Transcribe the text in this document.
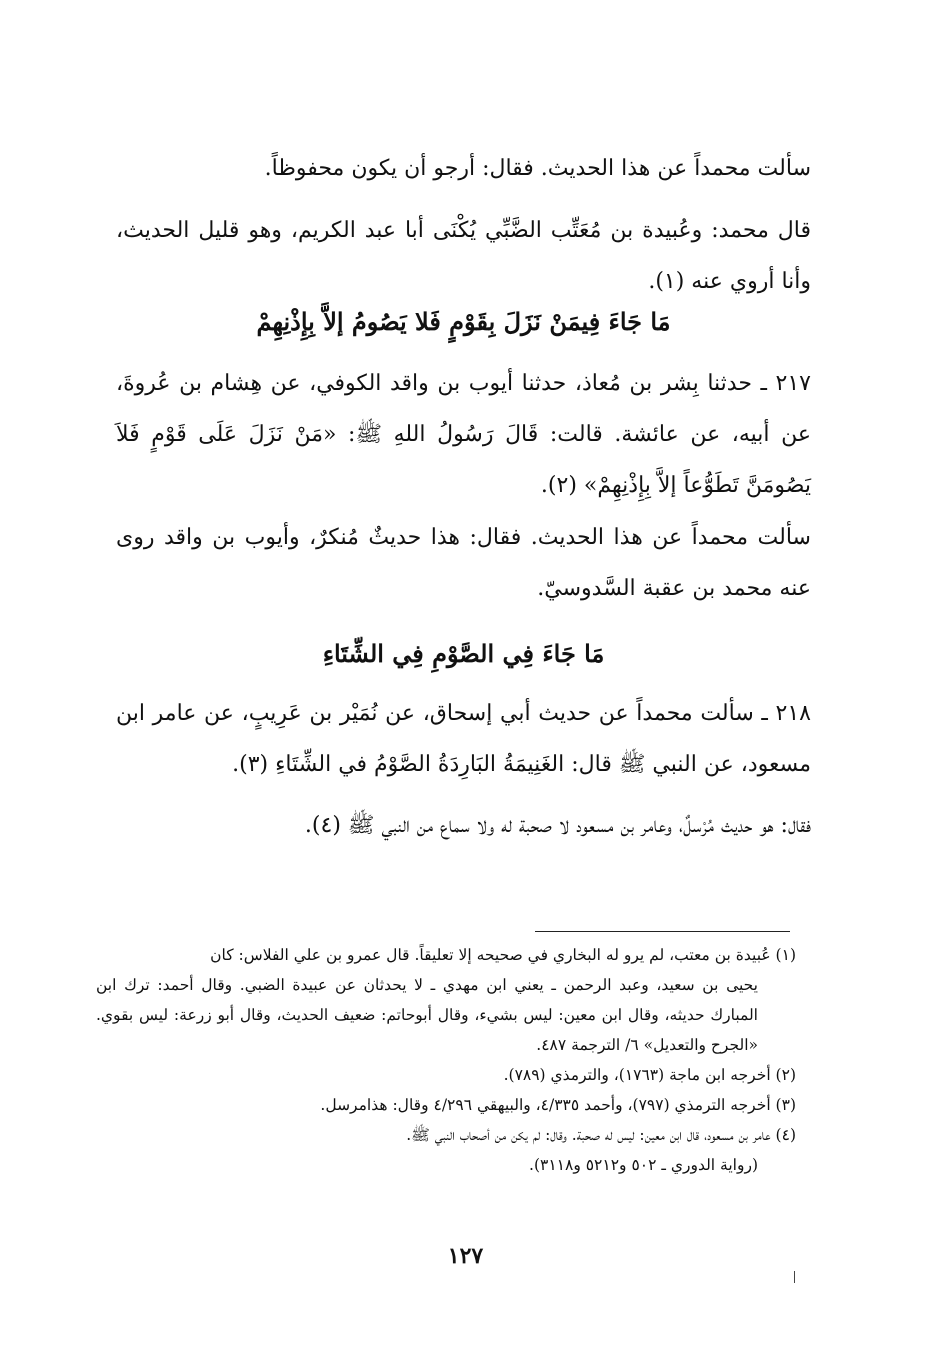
سألت محمداً عن هذا الحديث. فقال: أرجو أن يكون محفوظاً.

قال محمد: وعُبيدة بن مُعَتِّب الضَّبِّي يُكْنَى أبا عبد الكريم، وهو قليل الحديث، وأنا أروي عنه (١).

مَا جَاءَ فِيمَنْ نَزَلَ بِقَوْمٍ فَلا يَصُومُ إلاَّ بِإِذْنِهِمْ

٢١٧ ـ حدثنا بِشر بن مُعاذ، حدثنا أيوب بن واقد الكوفي، عن هِشام بن عُروةَ، عن أبيه، عن عائشة. قالت: قَالَ رَسُولُ اللهِ ﷺ: «مَنْ نَزَلَ عَلَى قَوْمٍ فَلاَ يَصُومَنَّ تَطَوُّعاً إلاَّ بِإِذْنِهِمْ» (٢).

سألت محمداً عن هذا الحديث. فقال: هذا حديثٌ مُنكرٌ، وأيوب بن واقد روى عنه محمد بن عقبة السَّدوسيّ.

مَا جَاءَ فِي الصَّوْمِ فِي الشِّتَاءِ

٢١٨ ـ سألت محمداً عن حديث أبي إسحاق، عن نُمَيْر بن عَرِيبٍ، عن عامر ابن مسعود، عن النبي ﷺ قال: الغَنِيمَةُ البَارِدَةُ الصَّوْمُ في الشِّتَاءِ (٣).

فقال: هو حديث مُرْسلٌ، وعامر بن مسعود لا صحبة له ولا سماع من النبي ﷺ (٤).

(١) عُبيدة بن معتب، لم يرو له البخاري في صحيحه إلا تعليقاً. قال عمرو بن علي الفلاس: كان

يحيى بن سعيد، وعبد الرحمن ـ يعني ابن مهدي ـ لا يحدثان عن عبيدة الضبي. وقال أحمد: ترك ابن المبارك حديثه، وقال ابن معين: ليس بشيء، وقال أبوحاتم: ضعيف الحديث، وقال أبو زرعة: ليس بقوي. «الجرح والتعديل» ٦/ الترجمة ٤٨٧.

(٢) أخرجه ابن ماجة (١٧٦٣)، والترمذي (٧٨٩).

(٣) أخرجه الترمذي (٧٩٧)، وأحمد ٤/٣٣٥، والبيهقي ٤/٢٩٦ وقال: هذامرسل.

(٤) عامر بن مسعود، قال ابن معين: ليس له صحبة. وقال: لم يكن من أصحاب النبي ﷺ.

(رواية الدوري ـ ٥٠٢ و٥٢١٢ و٣١١٨).

١٢٧
